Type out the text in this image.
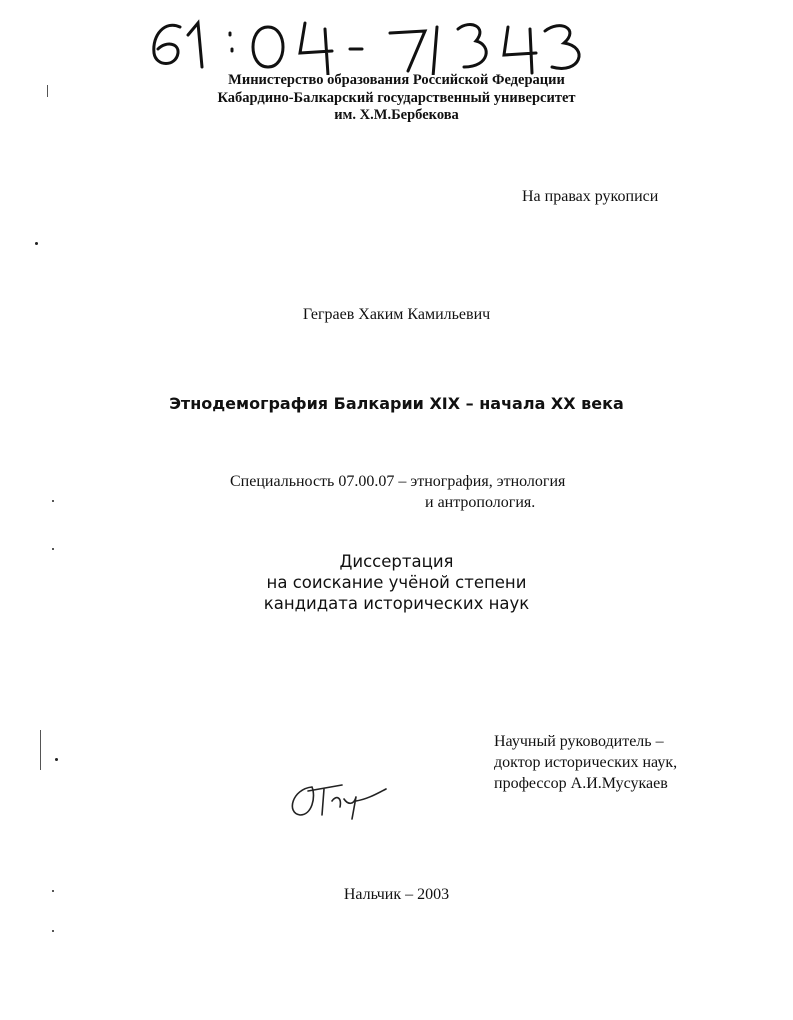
Министерство образования Российской Федерации
Кабардино-Балкарский государственный университет
им. Х.М.Бербекова
На правах рукописи
Геграев Хаким Камильевич
Этнодемография Балкарии XIX – начала XX века
Специальность 07.00.07 – этнография, этнология
и антропология.
Диссертация
на соискание учёной степени
кандидата исторических наук
Научный руководитель –
доктор исторических наук,
профессор А.И.Мусукаев
Нальчик – 2003
